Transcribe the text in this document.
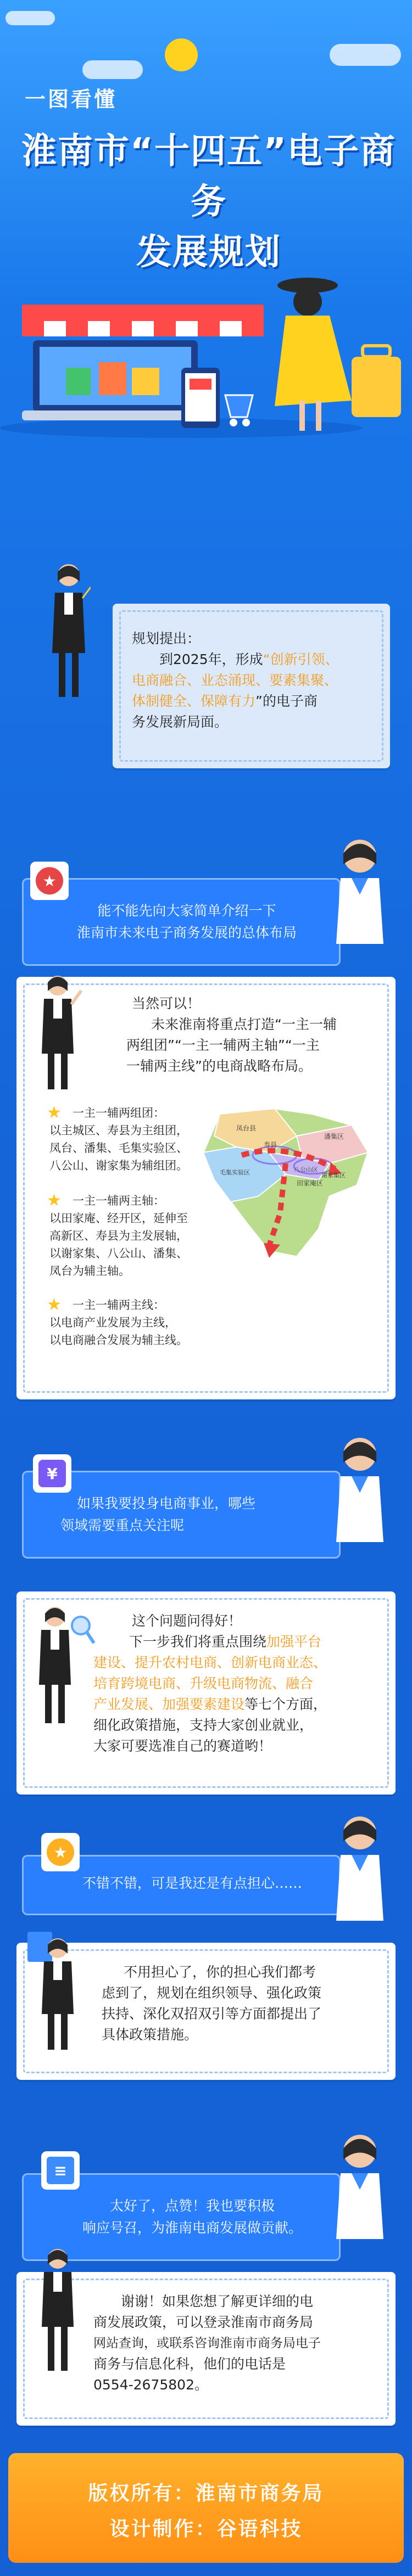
一图看懂
淮南市“十四五”电子商务
发展规划
规划提出：
到2025年，形成“创新引领、
电商融合、业态涌现、要素集聚、
体制健全、保障有力”的电子商
务发展新局面。
★
能不能先向大家简单介绍一下
淮南市未来电子商务发展的总体布局
当然可以！
未来淮南将重点打造“一主一辅
两组团”“一主一辅两主轴”“一主
一辅两主线”的电商战略布局。
★ 一主一辅两组团：
以主城区、寿县为主组团，
凤台、潘集、毛集实验区、
八公山、谢家集为辅组团。
★ 一主一辅两主轴：
以田家庵、经开区，延伸至
高新区、寿县为主发展轴，
以谢家集、八公山、潘集、
凤台为辅主轴。
★ 一主一辅两主线：
以电商产业发展为主线，
以电商融合发展为辅主线。
寿县
田家庵区
八公山区
谢家集区
潘集区
凤台县
毛集实验区
¥
如果我要投身电商事业，哪些
领域需要重点关注呢
这个问题问得好！
下一步我们将重点围绕加强平台
建设、提升农村电商、创新电商业态、
培育跨境电商、升级电商物流、融合
产业发展、加强要素建设等七个方面，
细化政策措施，支持大家创业就业，
大家可要选准自己的赛道哟！
★
不错不错，可是我还是有点担心……
不用担心了，你的担心我们都考
虑到了，规划在组织领导、强化政策
扶持、深化双招双引等方面都提出了
具体政策措施。
≡
太好了，点赞！我也要积极
响应号召，为淮南电商发展做贡献。
谢谢！如果您想了解更详细的电
商发展政策，可以登录淮南市商务局
网站查询，或联系咨询淮南市商务局电子
商务与信息化科，他们的电话是
0554-2675802。
版权所有：淮南市商务局
设计制作：谷语科技
